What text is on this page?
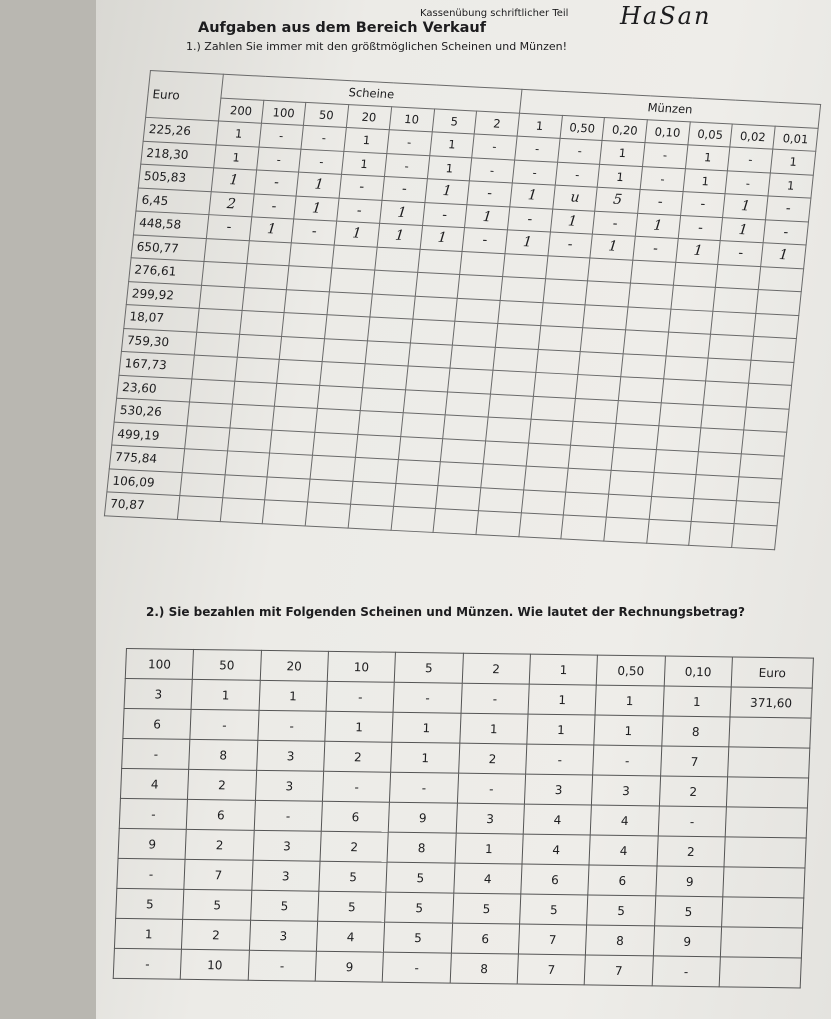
Kassenübung schriftlicher Teil HaSan
Aufgaben aus dem Bereich Verkauf
1.) Zahlen Sie immer mit den größtmöglichen Scheinen und Münzen!
Euro	Scheine							Münzen						
	200	100	50	20	10	5	2	1	0,50	0,20	0,10	0,05	0,02	0,01
225,26	1	-	-	1	-	1	-	-	-	1	-	1	-	1
218,30	1	-	-	1	-	1	-	-	-	1	-	1	-	1
505,83	1	-	1	-	-	1	-	1	u	5	-	-	1	-
6,45	2	-	1	-	1	-	1	-	1	-	1	-	1	-
448,58	-	1	-	1	1	1	-	1	-	1	-	1	-	1
650,77														
276,61														
299,92														
18,07														
759,30														
167,73														
23,60														
530,26														
499,19														
775,84														
106,09														
70,87														
2.) Sie bezahlen mit Folgenden Scheinen und Münzen. Wie lautet der Rechnungsbetrag?
100	50	20	10	5	2	1	0,50	0,10	Euro
3	1	1	-	-	-	1	1	1	371,60
6	-	-	1	1	1	1	1	8	
-	8	3	2	1	2	-	-	7	
4	2	3	-	-	-	3	3	2	
-	6	-	6	9	3	4	4	-	
9	2	3	2	8	1	4	4	2	
-	7	3	5	5	4	6	6	9	
5	5	5	5	5	5	5	5	5	
1	2	3	4	5	6	7	8	9	
-	10	-	9	-	8	7	7	-	
